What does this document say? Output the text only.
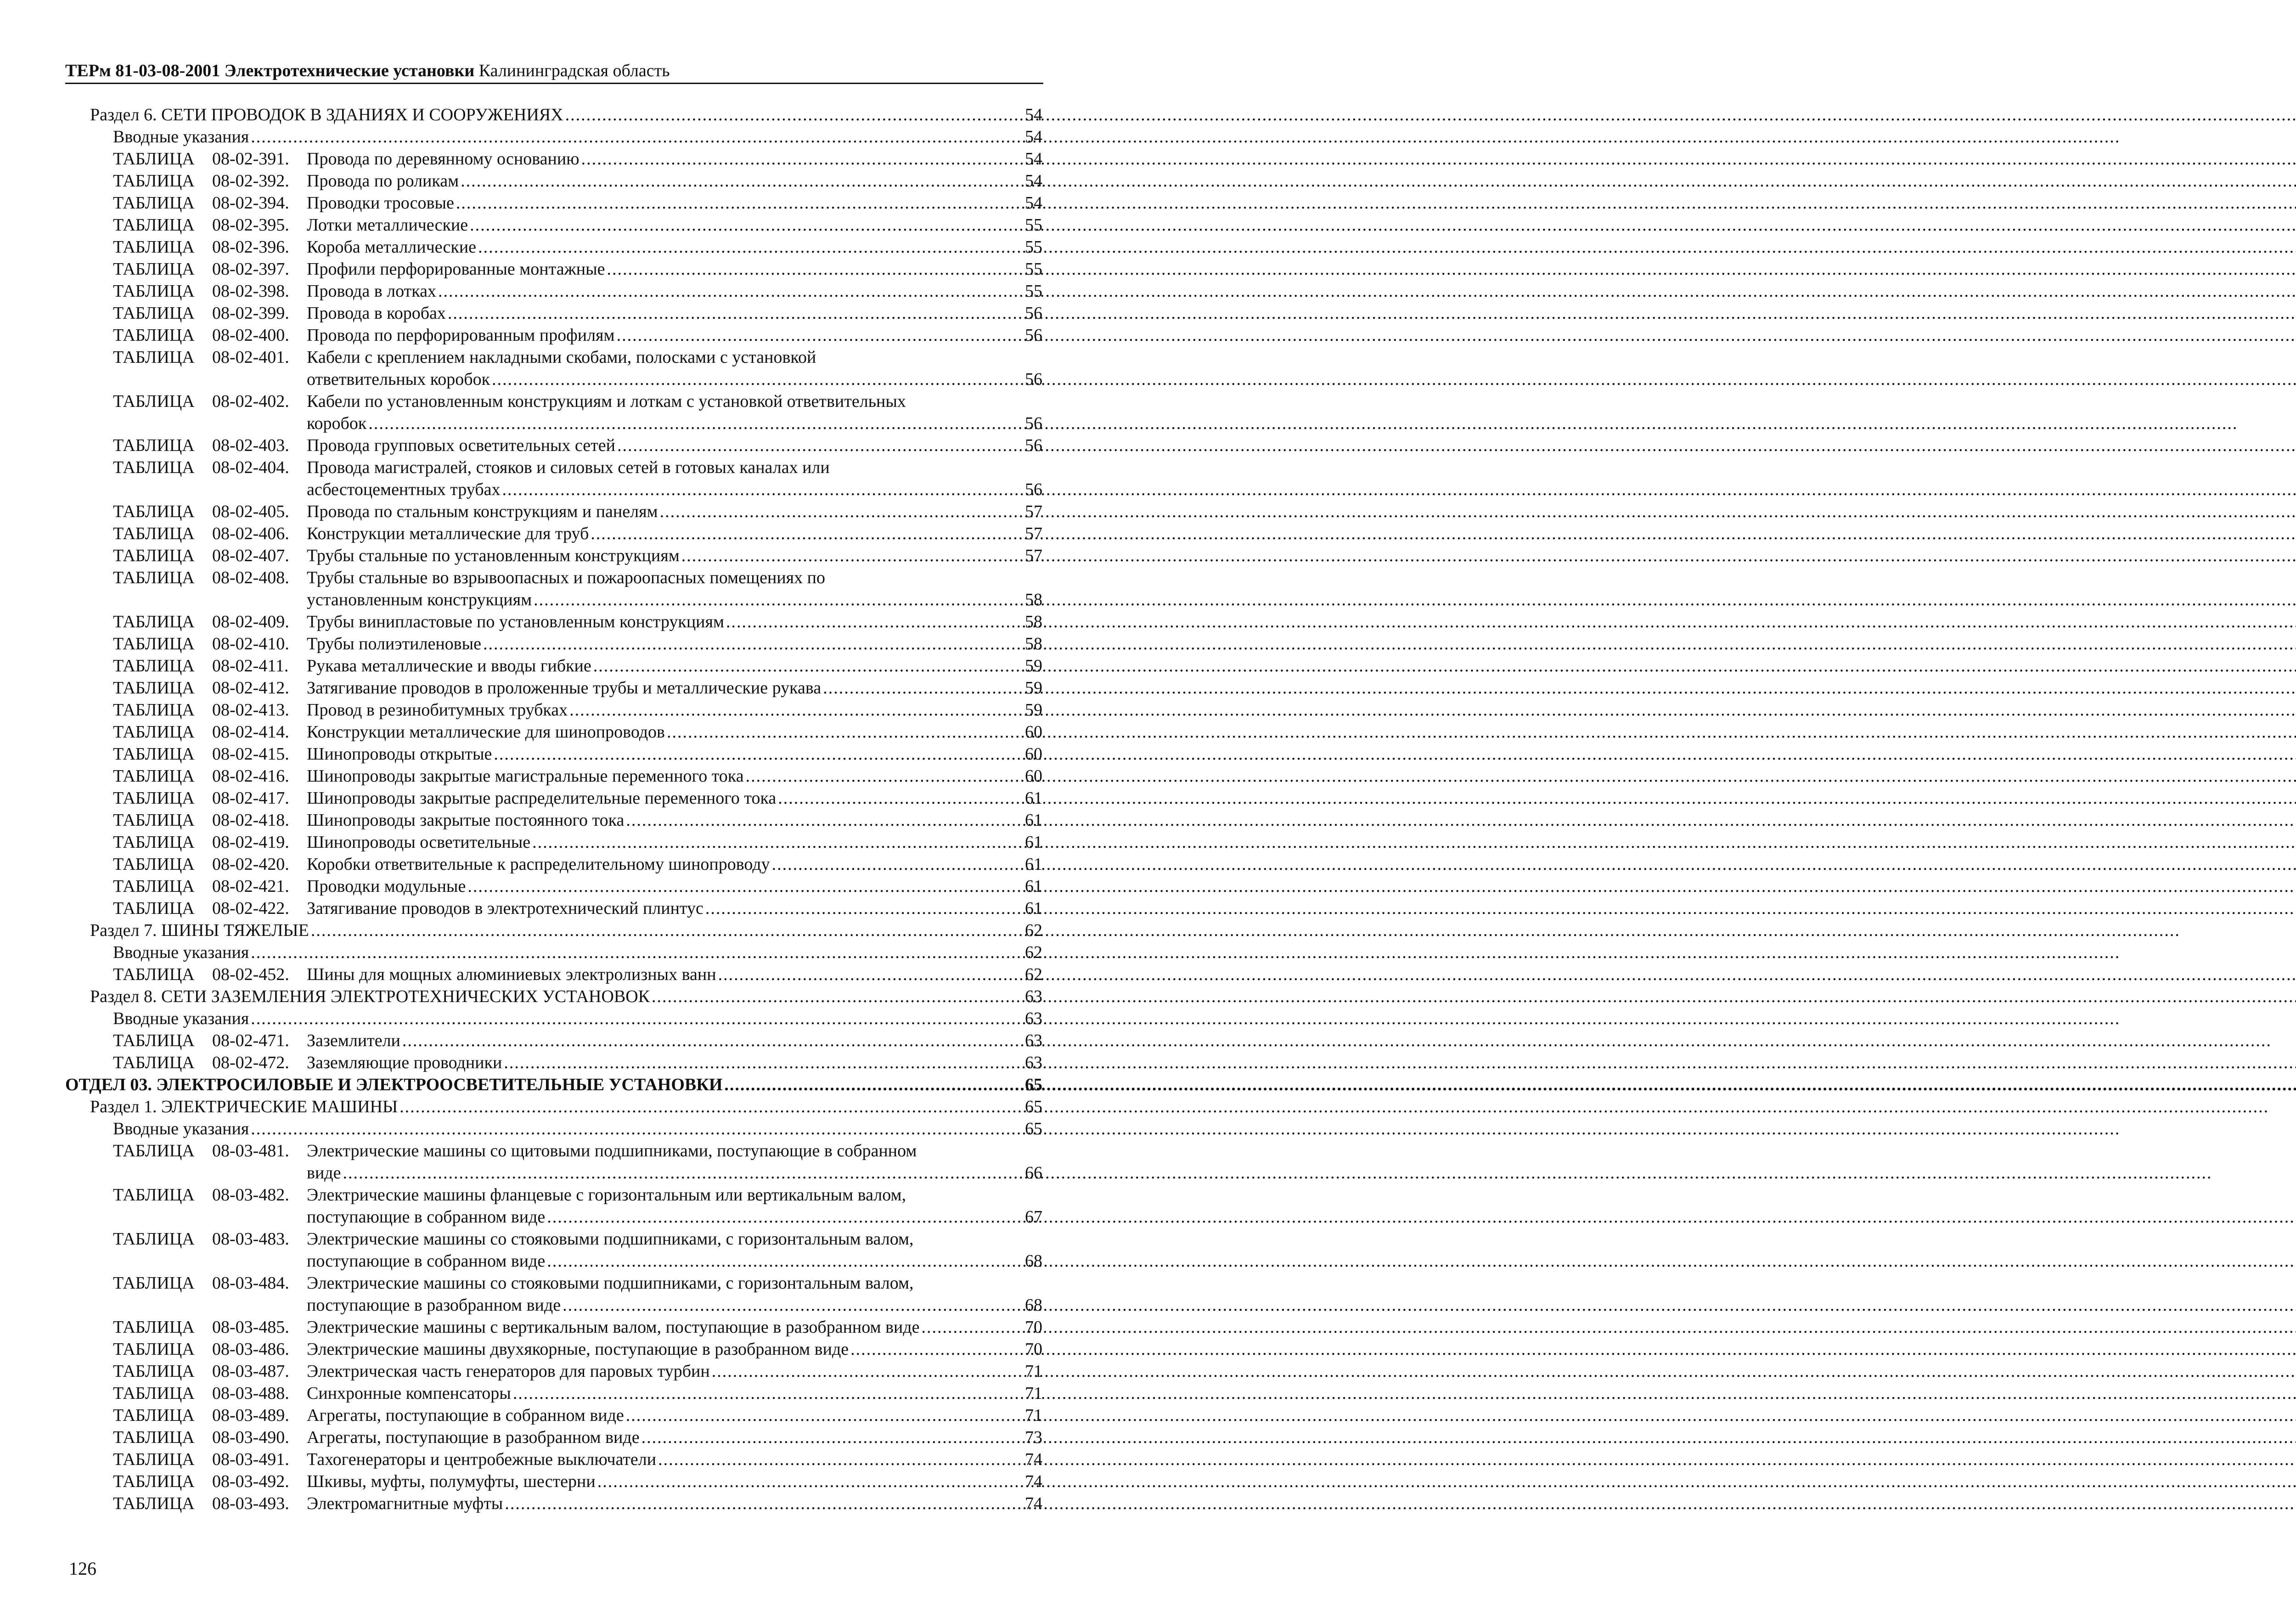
ТЕРм 81-03-08-2001 Электротехнические установки Калининградская область
Раздел 6. СЕТИ ПРОВОДОК В ЗДАНИЯХ И СООРУЖЕНИЯХ .....	54
Вводные указания .....	54
ТАБЛИЦА 08-02-391. Провода по деревянному основанию .....	54
ТАБЛИЦА 08-02-392. Провода по роликам .....	54
ТАБЛИЦА 08-02-394. Проводки тросовые .....	54
ТАБЛИЦА 08-02-395. Лотки металлические .....	55
ТАБЛИЦА 08-02-396. Короба металлические .....	55
ТАБЛИЦА 08-02-397. Профили перфорированные монтажные .....	55
ТАБЛИЦА 08-02-398. Провода в лотках .....	55
ТАБЛИЦА 08-02-399. Провода в коробах .....	56
ТАБЛИЦА 08-02-400. Провода по перфорированным профилям .....	56
ТАБЛИЦА 08-02-401. Кабели с креплением накладными скобами, полосками с установкой
ответвительных коробок .....	56
ТАБЛИЦА 08-02-402. Кабели по установленным конструкциям и лоткам с установкой ответвительных
коробок .....	56
ТАБЛИЦА 08-02-403. Провода групповых осветительных сетей .....	56
ТАБЛИЦА 08-02-404. Провода магистралей, стояков и силовых сетей в готовых каналах или
асбестоцементных трубах .....	56
ТАБЛИЦА 08-02-405. Провода по стальным конструкциям и панелям .....	57
ТАБЛИЦА 08-02-406. Конструкции металлические для труб .....	57
ТАБЛИЦА 08-02-407. Трубы стальные по установленным конструкциям .....	57
ТАБЛИЦА 08-02-408. Трубы стальные во взрывоопасных и пожароопасных помещениях по
установленным конструкциям .....	58
ТАБЛИЦА 08-02-409. Трубы винипластовые по установленным конструкциям .....	58
ТАБЛИЦА 08-02-410. Трубы полиэтиленовые .....	58
ТАБЛИЦА 08-02-411. Рукава металлические и вводы гибкие .....	59
ТАБЛИЦА 08-02-412. Затягивание проводов в проложенные трубы и металлические рукава .....	59
ТАБЛИЦА 08-02-413. Провод в резинобитумных трубках .....	59
ТАБЛИЦА 08-02-414. Конструкции металлические для шинопроводов .....	60
ТАБЛИЦА 08-02-415. Шинопроводы открытые .....	60
ТАБЛИЦА 08-02-416. Шинопроводы закрытые магистральные переменного тока .....	60
ТАБЛИЦА 08-02-417. Шинопроводы закрытые распределительные переменного тока .....	61
ТАБЛИЦА 08-02-418. Шинопроводы закрытые постоянного тока .....	61
ТАБЛИЦА 08-02-419. Шинопроводы осветительные .....	61
ТАБЛИЦА 08-02-420. Коробки ответвительные к распределительному шинопроводу .....	61
ТАБЛИЦА 08-02-421. Проводки модульные .....	61
ТАБЛИЦА 08-02-422. Затягивание проводов в электротехнический плинтус .....	61
Раздел 7. ШИНЫ ТЯЖЕЛЫЕ .....	62
Вводные указания .....	62
ТАБЛИЦА 08-02-452. Шины для мощных алюминиевых электролизных ванн .....	62
Раздел 8. СЕТИ ЗАЗЕМЛЕНИЯ ЭЛЕКТРОТЕХНИЧЕСКИХ УСТАНОВОК .....	63
Вводные указания .....	63
ТАБЛИЦА 08-02-471. Заземлители .....	63
ТАБЛИЦА 08-02-472. Заземляющие проводники .....	63
ОТДЕЛ 03. ЭЛЕКТРОСИЛОВЫЕ И ЭЛЕКТРООСВЕТИТЕЛЬНЫЕ УСТАНОВКИ .....	65
Раздел 1. ЭЛЕКТРИЧЕСКИЕ МАШИНЫ .....	65
Вводные указания .....	65
ТАБЛИЦА 08-03-481. Электрические машины со щитовыми подшипниками, поступающие в собранном
виде .....	66
ТАБЛИЦА 08-03-482. Электрические машины фланцевые с горизонтальным или вертикальным валом,
поступающие в собранном виде .....	67
ТАБЛИЦА 08-03-483. Электрические машины со стояковыми подшипниками, с горизонтальным валом,
поступающие в собранном виде .....	68
ТАБЛИЦА 08-03-484. Электрические машины со стояковыми подшипниками, с горизонтальным валом,
поступающие в разобранном виде .....	68
ТАБЛИЦА 08-03-485. Электрические машины с вертикальным валом, поступающие в разобранном виде .....	70
ТАБЛИЦА 08-03-486. Электрические машины двухякорные, поступающие в разобранном виде .....	70
ТАБЛИЦА 08-03-487. Электрическая часть генераторов для паровых турбин .....	71
ТАБЛИЦА 08-03-488. Синхронные компенсаторы .....	71
ТАБЛИЦА 08-03-489. Агрегаты, поступающие в собранном виде .....	71
ТАБЛИЦА 08-03-490. Агрегаты, поступающие в разобранном виде .....	73
ТАБЛИЦА 08-03-491. Тахогенераторы и центробежные выключатели .....	74
ТАБЛИЦА 08-03-492. Шкивы, муфты, полумуфты, шестерни .....	74
ТАБЛИЦА 08-03-493. Электромагнитные муфты .....	74
126
